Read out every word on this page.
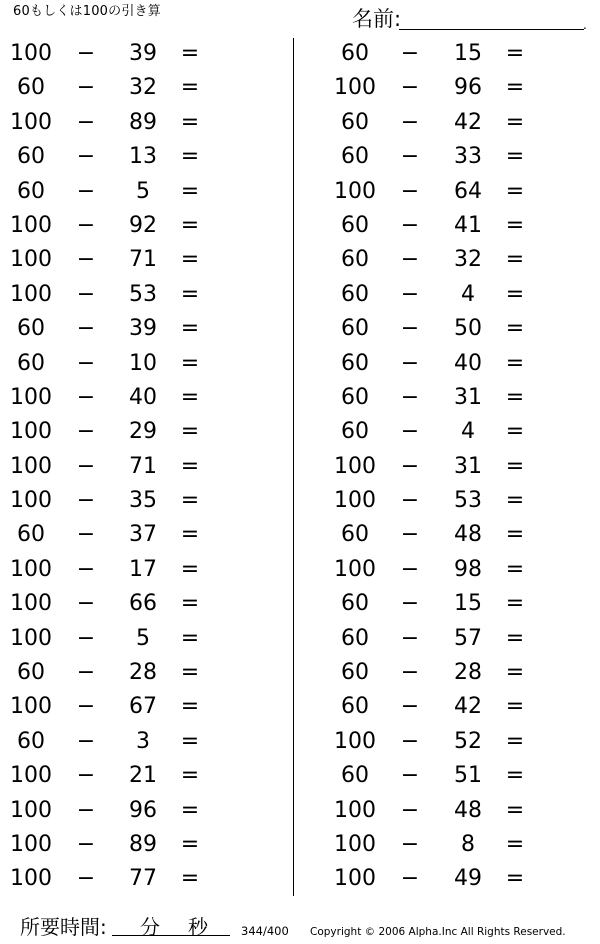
60もしくは100の引き算	名前:	.
100	−	39	=
60	−	32	=
100	−	89	=
60	−	13	=
60	−	5	=
100	−	92	=
100	−	71	=
100	−	53	=
60	−	39	=
60	−	10	=
100	−	40	=
100	−	29	=
100	−	71	=
100	−	35	=
60	−	37	=
100	−	17	=
100	−	66	=
100	−	5	=
60	−	28	=
100	−	67	=
60	−	3	=
100	−	21	=
100	−	96	=
100	−	89	=
100	−	77	=
60	−	15	=
100	−	96	=
60	−	42	=
60	−	33	=
100	−	64	=
60	−	41	=
60	−	32	=
60	−	4	=
60	−	50	=
60	−	40	=
60	−	31	=
60	−	4	=
100	−	31	=
100	−	53	=
60	−	48	=
100	−	98	=
60	−	15	=
60	−	57	=
60	−	28	=
60	−	42	=
100	−	52	=
60	−	51	=
100	−	48	=
100	−	8	=
100	−	49	=
所要時間: 分 秒	344/400 Copyright © 2006 Alpha.Inc All Rights Reserved.
